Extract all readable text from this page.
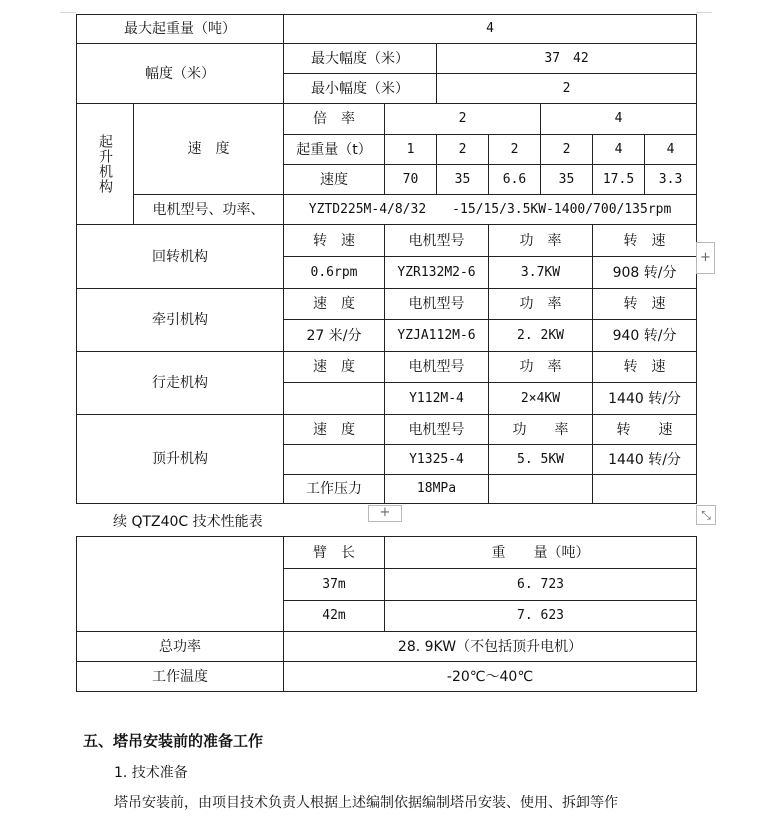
最大起重量（吨）		4						
幅度（米）		最大幅度（米）		37　42				
		最小幅度（米）		2				

起升机构	速　度	倍　率	2			4		
		起重量（t）	1	2	2	2	4	4
		速度	70	35	6.6	35	17.5	3.3
	电机型号、功率、	YZTD225M-4/8/32　　-15/15/3.5KW-1400/700/135rpm						
回转机构		转　速	电机型号		功　率		转　速	
		0.6rpm	YZR132M2-6		3.7KW		908 转/分	
牵引机构		速　度	电机型号		功　率		转　速	
		27 米/分	YZJA112M-6		2. 2KW		940 转/分	
行走机构		速　度	电机型号		功　率		转　速	
			Y112M-4		2×4KW		1440 转/分	
顶升机构		速　度	电机型号		功　　率		转　　速	
			Y1325-4		5. 5KW		1440 转/分	
		工作压力	18MPa					
+
+	⤡
续 QTZ40C 技术性能表
	臂　长	重　　量（吨）
	37m	6. 723
	42m	7. 623
总功率	28. 9KW（不包括顶升电机）	
工作温度	-20℃～40℃	
五、塔吊安装前的准备工作
1. 技术准备
塔吊安装前，由项目技术负责人根据上述编制依据编制塔吊安装、使用、拆卸等作
